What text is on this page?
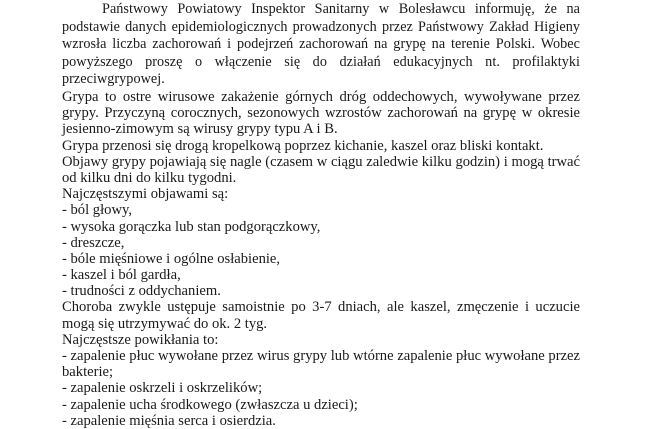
Państwowy Powiatowy Inspektor Sanitarny w Bolesławcu informuję, że na podstawie danych epidemiologicznych prowadzonych przez Państwowy Zakład Higieny wzrosła liczba zachorowań i podejrzeń zachorowań na grypę na terenie Polski. Wobec powyższego proszę o włączenie się do działań edukacyjnych nt. profilaktyki przeciwgrypowej.

Grypa to ostre wirusowe zakażenie górnych dróg oddechowych, wywoływane przez
grypy. Przyczyną corocznych, sezonowych wzrostów zachorowań na grypę w okresie
jesienno-zimowym są wirusy grypy typu A i B.
Grypa przenosi się drogą kropelkową poprzez kichanie, kaszel oraz bliski kontakt.
Objawy grypy pojawiają się nagle (czasem w ciągu zaledwie kilku godzin) i mogą trwać
od kilku dni do kilku tygodni.
Najczęstszymi objawami są:
- ból głowy,
- wysoka gorączka lub stan podgorączkowy,
- dreszcze,
- bóle mięśniowe i ogólne osłabienie,
- kaszel i ból gardła,
- trudności z oddychaniem.
Choroba zwykle ustępuje samoistnie po 3-7 dniach, ale kaszel, zmęczenie i uczucie
mogą się utrzymywać do ok. 2 tyg.
Najczęstsze powikłania to:
- zapalenie płuc wywołane przez wirus grypy lub wtórne zapalenie płuc wywołane przez
bakterie;
- zapalenie oskrzeli i oskrzelików;
- zapalenie ucha środkowego (zwłaszcza u dzieci);
- zapalenie mięśnia serca i osierdzia.
